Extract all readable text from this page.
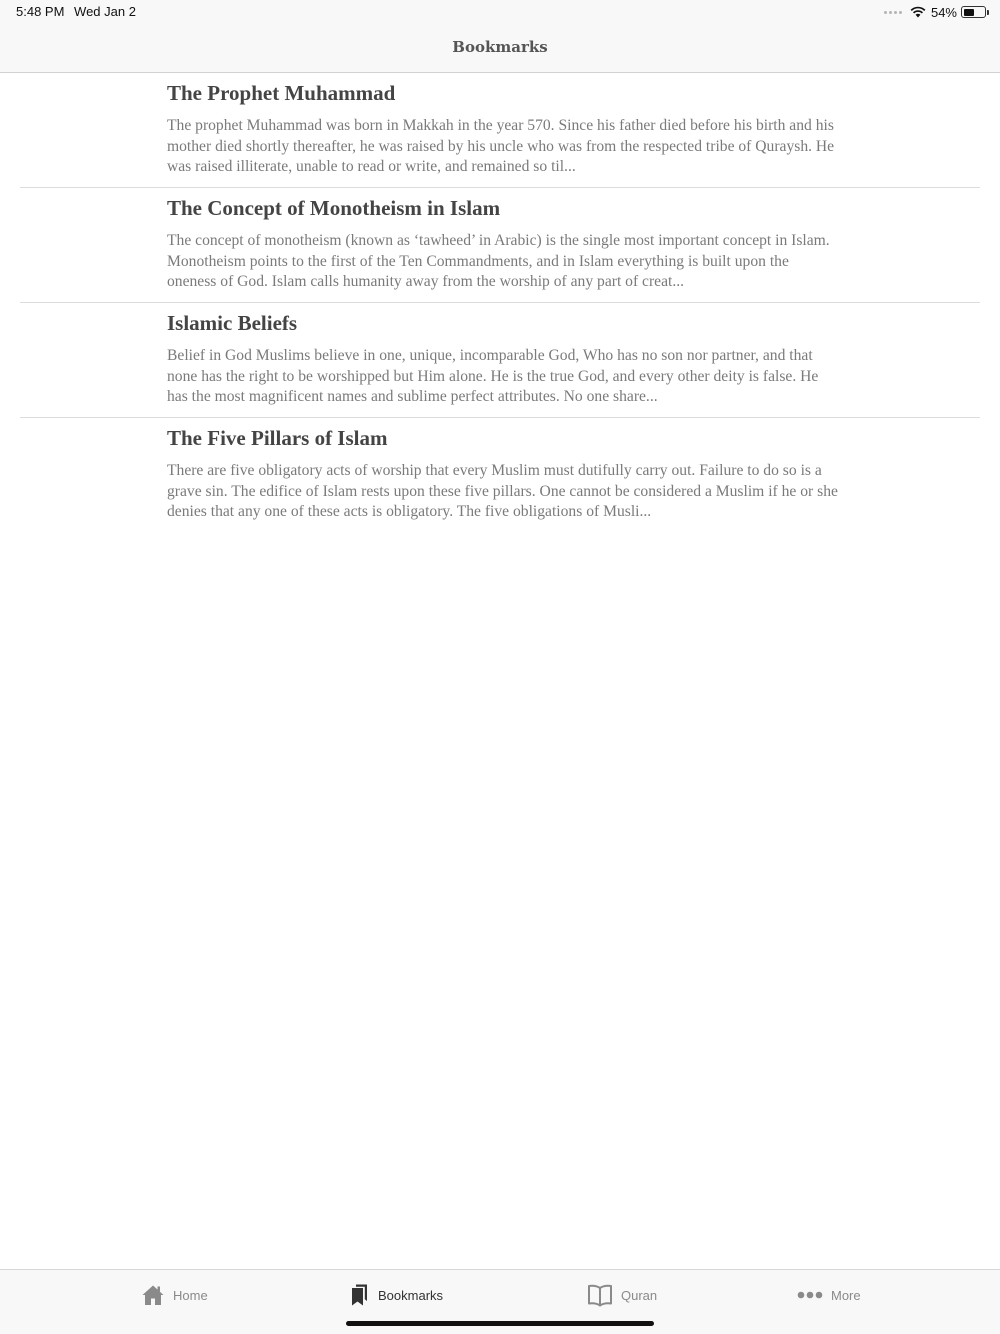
5:48 PM Wed Jan 2	54%
Bookmarks
The Prophet Muhammad
The prophet Muhammad was born in Makkah in the year 570. Since his father died before his birth and his mother died shortly thereafter, he was raised by his uncle who was from the respected tribe of Quraysh. He was raised illiterate, unable to read or write, and remained so til...
The Concept of Monotheism in Islam
The concept of monotheism (known as ‘tawheed’ in Arabic) is the single most important concept in Islam. Monotheism points to the first of the Ten Commandments, and in Islam everything is built upon the oneness of God. Islam calls humanity away from the worship of any part of creat...
Islamic Beliefs
Belief in God Muslims believe in one, unique, incomparable God, Who has no son nor partner, and that none has the right to be worshipped but Him alone. He is the true God, and every other deity is false. He has the most magnificent names and sublime perfect attributes. No one share...
The Five Pillars of Islam
There are five obligatory acts of worship that every Muslim must dutifully carry out. Failure to do so is a grave sin. The edifice of Islam rests upon these five pillars. One cannot be considered a Muslim if he or she denies that any one of these acts is obligatory. The five obligations of Musli...
Home	Bookmarks	Quran	More
